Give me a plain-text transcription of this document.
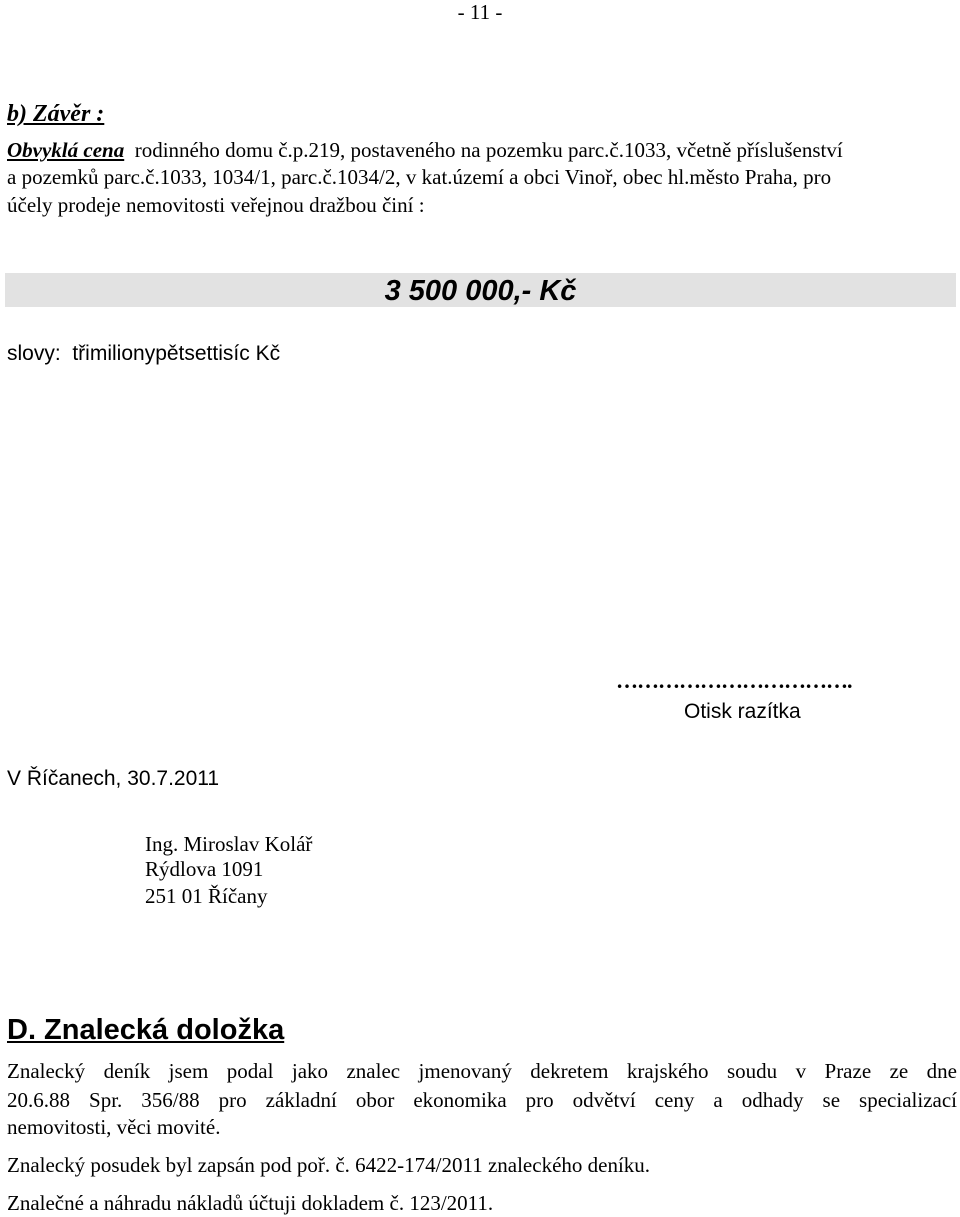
- 11 -
b) Závěr :
Obvyklá cena  rodinného domu č.p.219, postaveného na pozemku parc.č.1033, včetně příslušenství
a pozemků parc.č.1033, 1034/1, parc.č.1034/2, v kat.území a obci Vinoř, obec hl.město Praha, pro
účely prodeje nemovitosti veřejnou dražbou činí :
3 500 000,- Kč
slovy:  třimilionypětsettisíc Kč
…………………………….
Otisk razítka
V Říčanech, 30.7.2011
Ing. Miroslav Kolář
Rýdlova 1091
251 01 Říčany
D. Znalecká doložka
Znalecký deník jsem podal jako znalec jmenovaný dekretem krajského soudu v Praze ze dne
20.6.88 Spr. 356/88 pro základní obor ekonomika pro odvětví ceny a odhady se specializací
nemovitosti, věci movité.
Znalecký posudek byl zapsán pod poř. č. 6422-174/2011 znaleckého deníku.
Znalečné a náhradu nákladů účtuji dokladem č. 123/2011.
